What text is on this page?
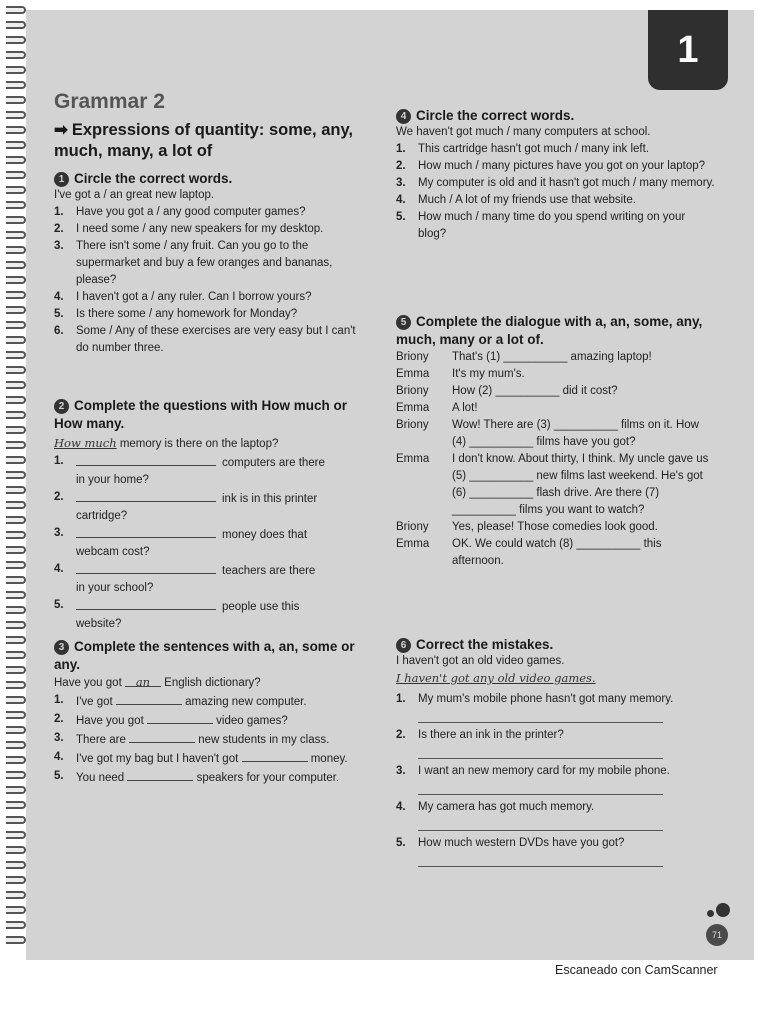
1
Grammar 2
➡ Expressions of quantity: some, any, much, many, a lot of
1 Circle the correct words.
I've got a / an great new laptop.
1. Have you got a / any good computer games?
2. I need some / any new speakers for my desktop.
3. There isn't some / any fruit. Can you go to the supermarket and buy a few oranges and bananas, please?
4. I haven't got a / any ruler. Can I borrow yours?
5. Is there some / any homework for Monday?
6. Some / Any of these exercises are very easy but I can't do number three.
2 Complete the questions with How much or How many.
How much memory is there on the laptop?
1.	computers are there
in your home?
2.	ink is in this printer
cartridge?
3.	money does that
webcam cost?
4.	teachers are there
in your school?
5.	people use this
website?
3 Complete the sentences with a, an, some or any.
Have you got an English dictionary?
1. I've got	amazing new computer.
2. Have you got	video games?
3. There are	new students in my class.
4. I've got my bag but I haven't got	money.
5. You need	speakers for your computer.
4 Circle the correct words.
We haven't got much / many computers at school.
1. This cartridge hasn't got much / many ink left.
2. How much / many pictures have you got on your laptop?
3. My computer is old and it hasn't got much / many memory.
4. Much / A lot of my friends use that website.
5. How much / many time do you spend writing on your blog?
5 Complete the dialogue with a, an, some, any, much, many or a lot of.
Briony	That's (1) __________ amazing laptop!
Emma	It's my mum's.
Briony	How (2) __________ did it cost?
Emma	A lot!
Briony	Wow! There are (3) __________ films on it. How (4) __________ films have you got?
Emma	I don't know. About thirty, I think. My uncle gave us (5) __________ new films last weekend. He's got (6) __________ flash drive. Are there (7) __________ films you want to watch?
Briony	Yes, please! Those comedies look good.
Emma	OK. We could watch (8) __________ this afternoon.
6 Correct the mistakes.
I haven't got an old video games.
I haven't got any old video games.
1. My mum's mobile phone hasn't got many memory.
2. Is there an ink in the printer?
3. I want an new memory card for my mobile phone.
4. My camera has got much memory.
5. How much western DVDs have you got?
71
Escaneado con CamScanner
